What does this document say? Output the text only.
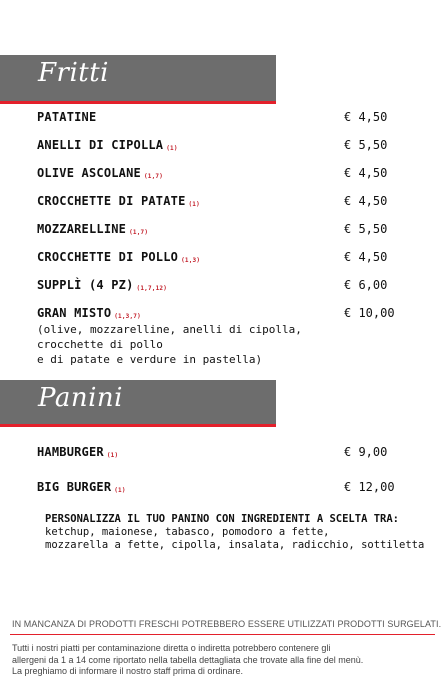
Fritti
PATATINE	€ 4,50
ANELLI DI CIPOLLA (1)	€ 5,50
OLIVE ASCOLANE (1,7)	€ 4,50
CROCCHETTE DI PATATE (1)	€ 4,50
MOZZARELLINE (1,7)	€ 5,50
CROCCHETTE DI POLLO (1,3)	€ 4,50
SUPPLÌ (4 PZ) (1,7,12)	€ 6,00
GRAN MISTO (1,3,7)	€ 10,00
(olive, mozzarelline, anelli di cipolla, crocchette di pollo
e di patate e verdure in pastella)
Panini
HAMBURGER (1)	€ 9,00
BIG BURGER (1)	€ 12,00
PERSONALIZZA IL TUO PANINO CON INGREDIENTI A SCELTA TRA:
ketchup, maionese, tabasco, pomodoro a fette,
mozzarella a fette, cipolla, insalata, radicchio, sottiletta
IN MANCANZA DI PRODOTTI FRESCHI POTREBBERO ESSERE UTILIZZATI PRODOTTI SURGELATI.
Tutti i nostri piatti per contaminazione diretta o indiretta potrebbero contenere gli
allergeni da 1 a 14 come riportato nella tabella dettagliata che trovate alla fine del menù.
La preghiamo di informare il nostro staff prima di ordinare.
